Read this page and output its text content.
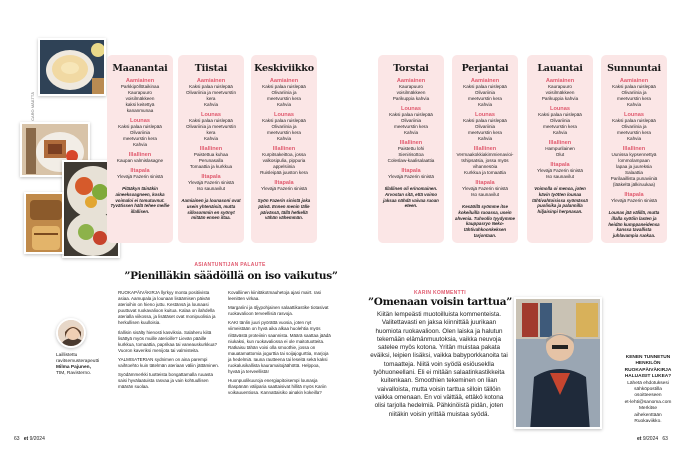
CARO MÄÄTTÄ
Maanantai
Aamiainen
Parkkipöllötaikinaa
Kaurapuuro
voisilmäkkeen
kaksi keitettyä
kananmunaa
Lounas
Kaksi palaa ruislepää
Olivariinia
meetvurstin kera
Kahvia
Illallinen
Kaupan valmislasagne
Iltapala
Yleväjä Fazerin sinistä
Pitääkyn täinäkin aineeksoagneen, koska voimaloi ei tomutuvnut. Tyvätissen hälä tehee mellie illallisen.
Tiistai
Aamiainen
Kaksi palaa ruislepää
Olivariinia ja meetvurstin
kera
Kahvia
Lounas
Kaksi palaa ruislepää
Olivariinia ja meetvurstin
kera
Kahvia
Illallinen
Paistettua kuhaa
Perunasalla
Tomaattia ja kurkkua
Iltapala
Yleväjä Fazerin sinistä
Iso saunavilut
Aamiainen ja lounasoni ovat usein yhtenäisiä, mutta sillosommin en syönyt mitään ennen iltaa.
Keskiviikko
Aamiainen
Kaksi palaa ruislepää
Olivariinia ja
meetvurstin kera
Kahvia
Lounas
Kaksi palaa ruislepää
Olivariinia ja
meetvurstin kera
Kahvia
Illallinen
Kurpitsakeittoa, jossa
valkosipulia, pippuria
appelsiinia
Ruisleipää juuston kera
Iltapala
Yleväjä Fazerin sinistä
Syön Fazerin sinistä joka päivä. Ennen menin tälle päivässä, tällä hetkellä vähän vähemmän.
Torstai
Aamiainen
Kaurapuuro
voisilmäkkeen
Parikuppia kahvia
Lounas
Kaksi palaa ruislepää
Olivariinia
meetvurstin kera
Kahvia
Illallinen
Paistettu lohi
Sienirisottoa
Coleslaw-kaalisalaattia
Iltapala
Yleväjä Fazerin sinistä
Illallinen oli erinomainen. Arvostan sitä, että voimo jaksaa nähdä vaivaa ruoan eteen.
Perjantai
Aamiainen
Kaksi palaa ruislepää
Olivariinia
meetvurstin kera
Kahvia
Lounas
Kaksi palaa ruislepää
Olivariinia
meetvurstin kera
Kahvia
Illallinen
Vermaakokkiakimmienavioi-
tshipsatsia, jossa myös
vihannesöia
Kurkkua ja tomaattia
Iltapala
Yleväjä Fazerin sinistä
Iso saunavilut
Kesäöllä syömme itse kokeiluilla ruoassa, usein ahvenia. Tuhvollo tyydymme kauppasryo Neko-tähtivahkoonkeksen tarjontaan.
Lauantai
Aamiainen
Kaurapuuro
voisilmäkkeen
Parikuppia kahvia
Lounas
Kaksi palaa ruislepää
Olivariinia
meetvurstin kera
Kahvia
Illallinen
Hampurilainen
Olut
Iltapala
Yleväjä Fazerin sinistä
Iso saunavilut
Voimolla oi menoa, joten kävin työtten lounaa tähtivahtoisissa syömässä puolisika ja palannilla hiljaisinpi herpnasan.
Sunnuntai
Aamiainen
Kaksi palaa ruislepää
Olivariinia ja
meetvurstin kera
Kahvia
Lounas
Kaksi palaa ruislepää
Olivariinia ja
meetvurstin kera
Kahvia
Illallinen
Uunissa kypsennettyä
lommolampaan
lapaa ja juureksia
Salaattia
Parilaaillista punaviiniä
(lääkeltä jälkiruukaa)
Iltapala
Yleväjä Fazerin sinistä
Lounas jää välillä, mutta illalla syötiin lasten ja heidän kumppaneidensa kanssa tavallista juhlavampia ruokaa.
ASIANTUNTIJAN PALAUTE
”Pienilläkin säädöillä on iso vaikutus”
Laillistettu
ravitsemusterapeutti
Milma Pajunen,
TtM, Ravisterno.

RUOKAPÄIVÄKIRJA llyrkyy monta positiivista asiaa. Aamupala ja lounaan lisäämisen päivän aterioihin on hieno juttu. Kestänsä ja lounaasi puuttuvat ruokavalioon kuitua. Kalaa on ilahdella aterialla viikossa, ja lisätäset ovat monipuolisia ja herkullisen kuulloisia.

Ilallisin sisälty hienosti kasviksia. Salaheru kiitä lisättyä myös muille aterioille? Lievän pääille kurkkua, tomaattia, paprikaa tai vaneauskurkkua? Vuoron kaveriksi menijota tai valmisteita.

YALMISATERIAN sydnimen on aina parempi vaihtoehto kuin tätelmän ateriaan väliin jättäminen.

Syödämmerkki tuotteista bongattamalla ruuasta saisi hyvälaatuista rasvaa ja vain kohtuullisen määrän suolaa.

Kovalliinen kiinitäkotmauhetoja ajasi mairt. rasi leenitten virkaa.

Margariini ja öljypohjainen salaattikastike tiotasivat ruokavalioon terveellisiä rasvoja.

KAKI tänlin juuri pyörättä vuosia, joten nyt viimeistään on hyvä aika alkaa huolehtia myös riittävästä proteiinin saannista. Määrä saattaa jäädä niukaksi, kun ruokavaliossa ei ole maitotuotteita. Ratkaisu tähän voisi olla smoothie, jossa on mauatamattomia jogurttia tai soijajogurttia, marjoja ja hedelmiä. Iauna rautteena tai leseitä sekä kaksi ruokalusikallista kauramaitojäähöttä. Helppoa, hyvää ja terveellistä!

Huonpuolikuuroja energiapitoisempi lounasja Illaspänän väliparia saattaisivat hillitä myös Kariin voikauuentiosa. Kannattaisiko ainakin kokeilla?

KARIN KOMMENTTI
”Omenaan voisin tarttua”
Kiitän lempeästi muotoilluista kommenteista. Valitettavasti en jaksa kiinnittää juurikaan huomiota ruokavalioon. Olen laiska ja halutun tekemään elämänmuutoksia, vaikka neuvoja satelee myös kotona. Yritän muistaa pakata eväiksi, leipien lisäksi, vaikka babyporkkanoita tai tomaatteja. Niitä voin syödä esiöuseklla työhuoneellani. Eli ei mitään salaatinkastikkeita kuitenkaan. Smoothien tekeminen on liian vaivalloista, mutta voisin tarttua silloin tällöin vaikka omenaan. En voi väittää, ettäkö kotona olisi tarjolla hedelmiä. Pähkinöistä pidän, joten niitäkin voisin yrittää muistaa syödä.
KENEN TUNNETUN
HENKILÖN
RUOKAPÄIVÄKIRJA
HALUAISIT LUKEA?
Lähetä ehdotuksesi
sähköpostilla
osoitteeseen
et-lehti@sanoma.com
Merkitse
aihekenttään
Ruokaviikko.
63 et 9/2024	et 9/2024 63
